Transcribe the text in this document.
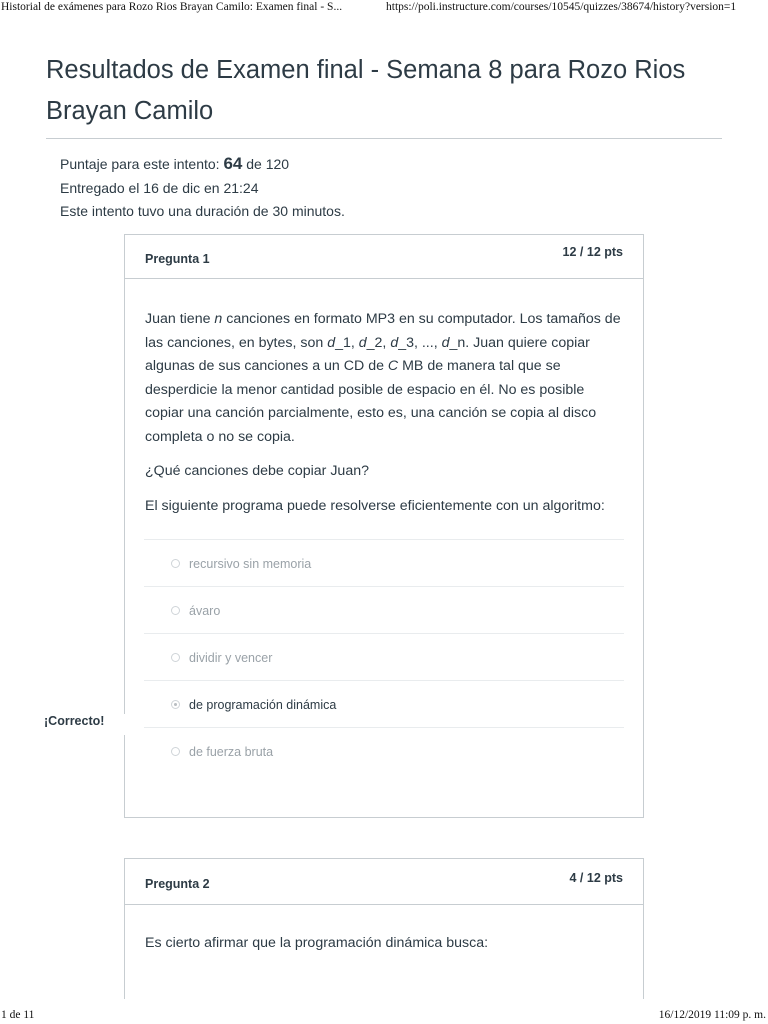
Historial de exámenes para Rozo Rios Brayan Camilo: Examen final - S...	https://poli.instructure.com/courses/10545/quizzes/38674/history?version=1
Resultados de Examen final - Semana 8 para Rozo Rios Brayan Camilo
Puntaje para este intento: 64 de 120
Entregado el 16 de dic en 21:24
Este intento tuvo una duración de 30 minutos.
Pregunta 1	12 / 12 pts

Juan tiene n canciones en formato MP3 en su computador. Los tamaños de las canciones, en bytes, son d_1, d_2, d_3, ..., d_n. Juan quiere copiar algunas de sus canciones a un CD de C MB de manera tal que se desperdicie la menor cantidad posible de espacio en él. No es posible copiar una canción parcialmente, esto es, una canción se copia al disco completa o no se copia.

¿Qué canciones debe copiar Juan?

El siguiente programa puede resolverse eficientemente con un algoritmo:

recursivo sin memoria
ávaro
dividir y vencer
de programación dinámica
de fuerza bruta
¡Correcto!
Pregunta 2	4 / 12 pts

Es cierto afirmar que la programación dinámica busca:

1 de 11	16/12/2019 11:09 p. m.
